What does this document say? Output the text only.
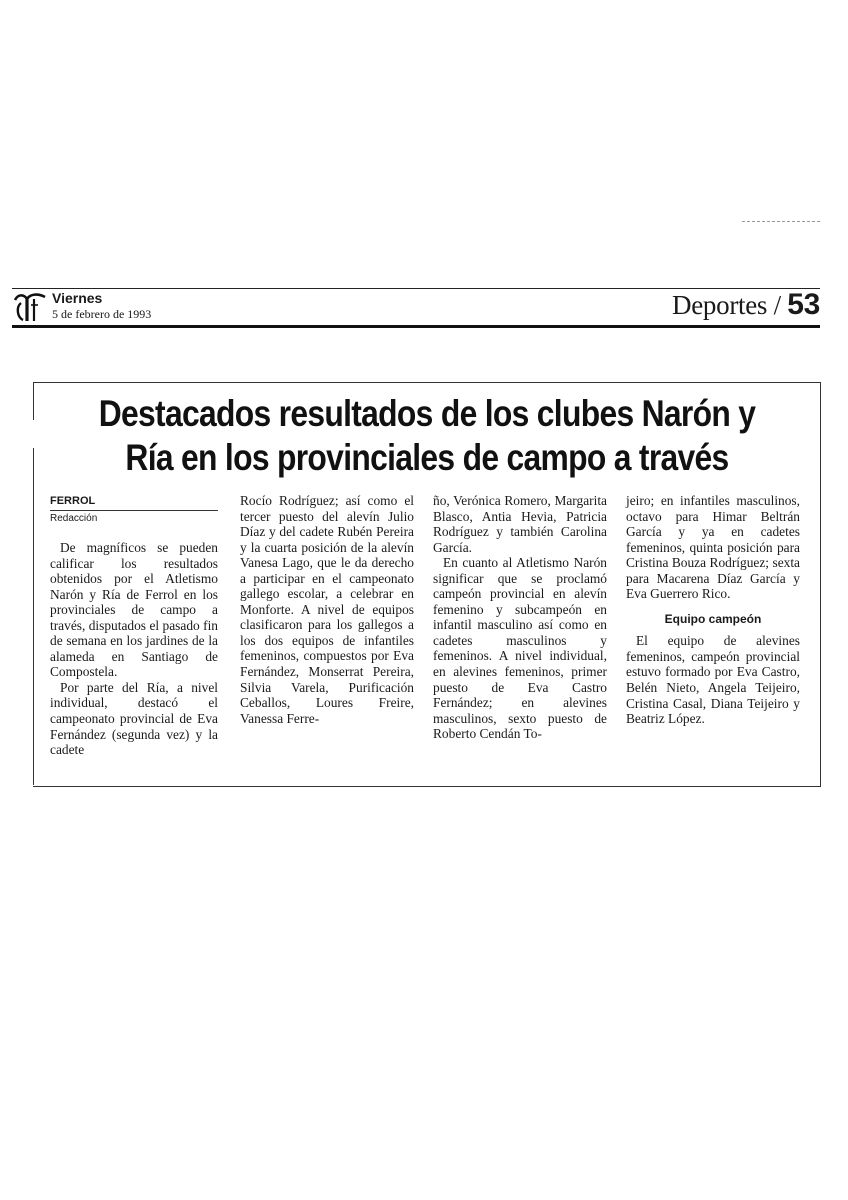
Viernes
5 de febrero de 1993	Deportes / 53
Destacados resultados de los clubes Narón y
Ría en los provinciales de campo a través
FERROL
Redacción

De magníficos se pueden calificar los resultados obtenidos por el Atletismo Narón y Ría de Ferrol en los provinciales de campo a través, disputados el pasado fin de semana en los jardines de la alameda en Santiago de Compostela.

Por parte del Ría, a nivel individual, destacó el campeonato provincial de Eva Fernández (segunda vez) y la cadete

Rocío Rodríguez; así como el tercer puesto del alevín Julio Díaz y del cadete Rubén Pereira y la cuarta posición de la alevín Vanesa Lago, que le da derecho a participar en el campeonato gallego escolar, a celebrar en Monforte. A nivel de equipos clasificaron para los gallegos a los dos equipos de infantiles femeninos, compuestos por Eva Fernández, Monserrat Pereira, Silvia Varela, Purificación Ceballos, Loures Freire, Vanessa Ferre-

ño, Verónica Romero, Margarita Blasco, Antia Hevia, Patricia Rodríguez y también Carolina García.

En cuanto al Atletismo Narón significar que se proclamó campeón provincial en alevín femenino y subcampeón en infantil masculino así como en cadetes masculinos y femeninos. A nivel individual, en alevines femeninos, primer puesto de Eva Castro Fernández; en alevines masculinos, sexto puesto de Roberto Cendán To-

jeiro; en infantiles masculinos, octavo para Himar Beltrán García y ya en cadetes femeninos, quinta posición para Cristina Bouza Rodríguez; sexta para Macarena Díaz García y Eva Guerrero Rico.

Equipo campeón

El equipo de alevines femeninos, campeón provincial estuvo formado por Eva Castro, Belén Nieto, Angela Teijeiro, Cristina Casal, Diana Teijeiro y Beatriz López.
